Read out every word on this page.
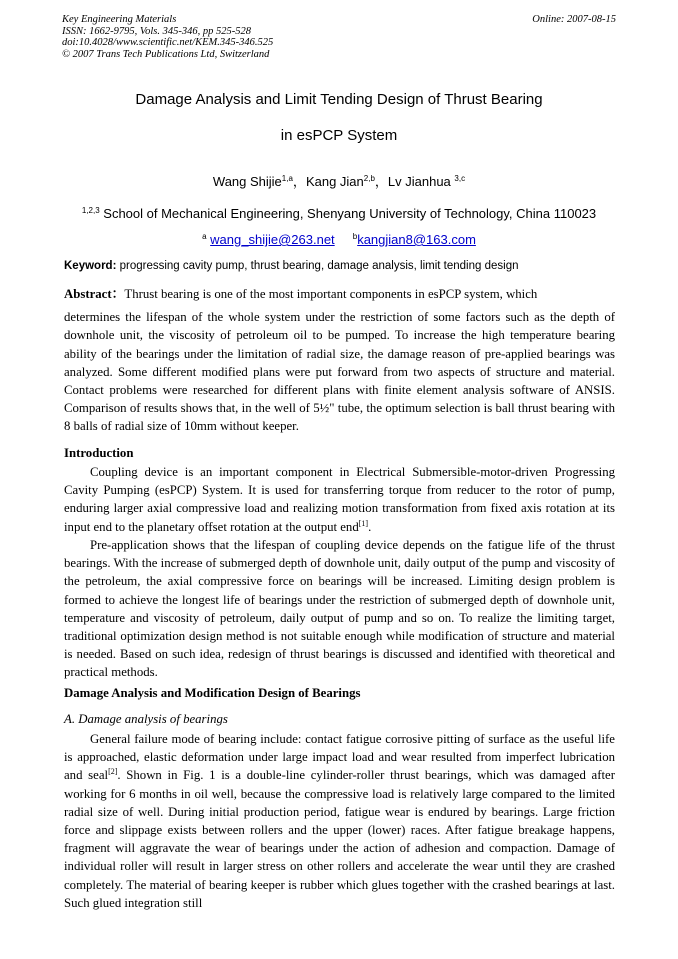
Key Engineering Materials
ISSN: 1662-9795, Vols. 345-346, pp 525-528
doi:10.4028/www.scientific.net/KEM.345-346.525
© 2007 Trans Tech Publications Ltd, Switzerland
Online: 2007-08-15
Damage Analysis and Limit Tending Design of Thrust Bearing
in esPCP System
Wang Shijie$^{1,a}$，Kang Jian$^{2,b}$，Lv Jianhua $^{3,c}$
$^{1,2,3}$ School of Mechanical Engineering, Shenyang University of Technology, China 110023
$^a$ wang_shijie@263.net $^b$kangjian8@163.com
Keyword: progressing cavity pump, thrust bearing, damage analysis, limit tending design
Abstract：Thrust bearing is one of the most important components in esPCP system, which
determines the lifespan of the whole system under the restriction of some factors such as the depth of downhole unit, the viscosity of petroleum oil to be pumped. To increase the high temperature bearing ability of the bearings under the limitation of radial size, the damage reason of pre-applied bearings was analyzed. Some different modified plans were put forward from two aspects of structure and material. Contact problems were researched for different plans with finite element analysis software of ANSIS. Comparison of results shows that, in the well of 5½" tube, the optimum selection is ball thrust bearing with 8 balls of radial size of 10mm without keeper.
Introduction

Coupling device is an important component in Electrical Submersible-motor-driven Progressing Cavity Pumping (esPCP) System. It is used for transferring torque from reducer to the rotor of pump, enduring larger axial compressive load and realizing motion transformation from fixed axis rotation at its input end to the planetary offset rotation at the output end[1].

Pre-application shows that the lifespan of coupling device depends on the fatigue life of the thrust bearings. With the increase of submerged depth of downhole unit, daily output of the pump and viscosity of the petroleum, the axial compressive force on bearings will be increased. Limiting design problem is formed to achieve the longest life of bearings under the restriction of submerged depth of downhole unit, temperature and viscosity of petroleum, daily output of pump and so on. To realize the limiting target, traditional optimization design method is not suitable enough while modification of structure and material is needed. Based on such idea, redesign of thrust bearings is discussed and identified with theoretical and practical methods.

Damage Analysis and Modification Design of Bearings
A. Damage analysis of bearings

General failure mode of bearing include: contact fatigue corrosive pitting of surface as the useful life is approached, elastic deformation under large impact load and wear resulted from imperfect lubrication and seal[2]. Shown in Fig. 1 is a double-line cylinder-roller thrust bearings, which was damaged after working for 6 months in oil well, because the compressive load is relatively large compared to the limited radial size of well. During initial production period, fatigue wear is endured by bearings. Large friction force and slippage exists between rollers and the upper (lower) races. After fatigue breakage happens, fragment will aggravate the wear of bearings under the action of adhesion and compaction. Damage of individual roller will result in larger stress on other rollers and accelerate the wear until they are crashed completely. The material of bearing keeper is rubber which glues together with the crashed bearings at last. Such glued integration still
